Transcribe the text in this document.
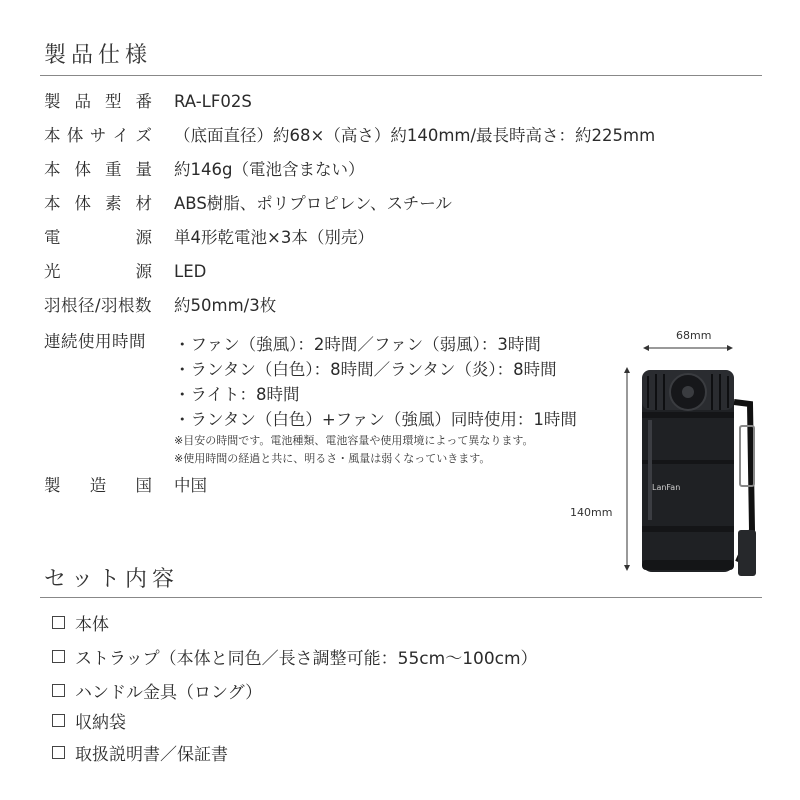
製品仕様
製 品 型 番 RA-LF02S
本 体 サ イ ズ （底面直径）約68×（高さ）約140mm/最長時高さ：約225mm
本 体 重 量 約146g（電池含まない）
本 体 素 材 ABS樹脂、ポリプロピレン、スチール
電	源 単4形乾電池×3本（別売）
光	源 LED
羽根径/羽根数 約50mm/3枚
連続使用時間	・ファン（強風）：2時間／ファン（弱風）：3時間
・ランタン（白色）：8時間／ランタン（炎）：8時間
・ライト：8時間
・ランタン（白色）+ファン（強風）同時使用：1時間
※目安の時間です。電池種類、電池容量や使用環境によって異なります。
※使用時間の経過と共に、明るさ・風量は弱くなっていきます。
製 造 国 中国
68mm
140mm
LanFan
セット内容
本体
ストラップ（本体と同色／長さ調整可能：55cm～100cm）
ハンドル金具（ロング）
収納袋
取扱説明書／保証書
